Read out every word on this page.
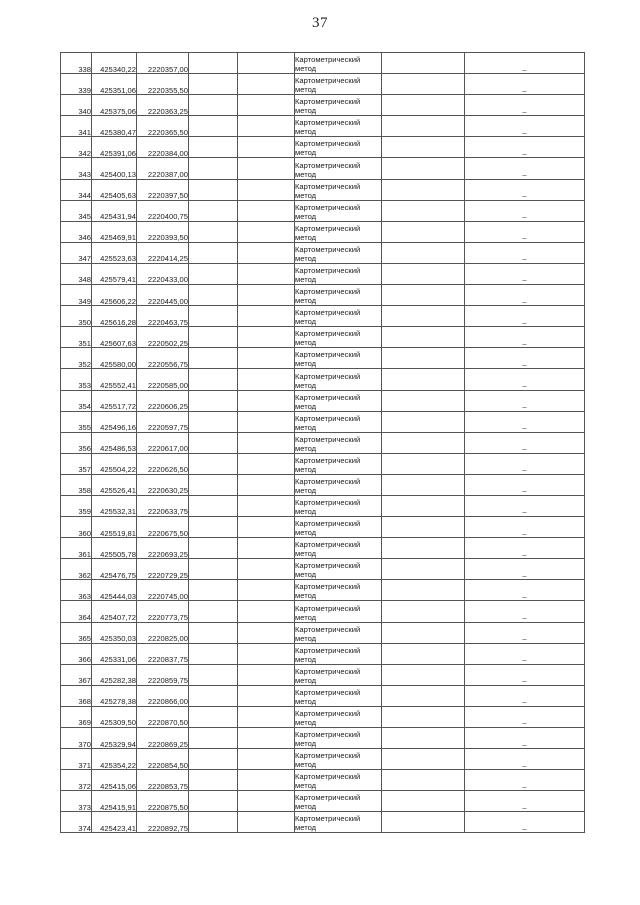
37
338	425340,22	2220357,00			Картометрический
метод		–
339	425351,06	2220355,50			Картометрический
метод		–
340	425375,06	2220363,25			Картометрический
метод		–
341	425380,47	2220365,50			Картометрический
метод		–
342	425391,06	2220384,00			Картометрический
метод		–
343	425400,13	2220387,00			Картометрический
метод		–
344	425405,63	2220397,50			Картометрический
метод		–
345	425431,94	2220400,75			Картометрический
метод		–
346	425469,91	2220393,50			Картометрический
метод		–
347	425523,63	2220414,25			Картометрический
метод		–
348	425579,41	2220433,00			Картометрический
метод		–
349	425606,22	2220445,00			Картометрический
метод		–
350	425616,28	2220463,75			Картометрический
метод		–
351	425607,63	2220502,25			Картометрический
метод		–
352	425580,00	2220556,75			Картометрический
метод		–
353	425552,41	2220585,00			Картометрический
метод		–
354	425517,72	2220606,25			Картометрический
метод		–
355	425496,16	2220597,75			Картометрический
метод		–
356	425486,53	2220617,00			Картометрический
метод		–
357	425504,22	2220626,50			Картометрический
метод		–
358	425526,41	2220630,25			Картометрический
метод		–
359	425532,31	2220633,75			Картометрический
метод		–
360	425519,81	2220675,50			Картометрический
метод		–
361	425505,78	2220693,25			Картометрический
метод		–
362	425476,75	2220729,25			Картометрический
метод		–
363	425444,03	2220745,00			Картометрический
метод		–
364	425407,72	2220773,75			Картометрический
метод		–
365	425350,03	2220825,00			Картометрический
метод		–
366	425331,06	2220837,75			Картометрический
метод		–
367	425282,38	2220859,75			Картометрический
метод		–
368	425278,38	2220866,00			Картометрический
метод		–
369	425309,50	2220870,50			Картометрический
метод		–
370	425329,94	2220869,25			Картометрический
метод		–
371	425354,22	2220854,50			Картометрический
метод		–
372	425415,06	2220853,75			Картометрический
метод		–
373	425415,91	2220875,50			Картометрический
метод		–
374	425423,41	2220892,75			Картометрический
метод		–
